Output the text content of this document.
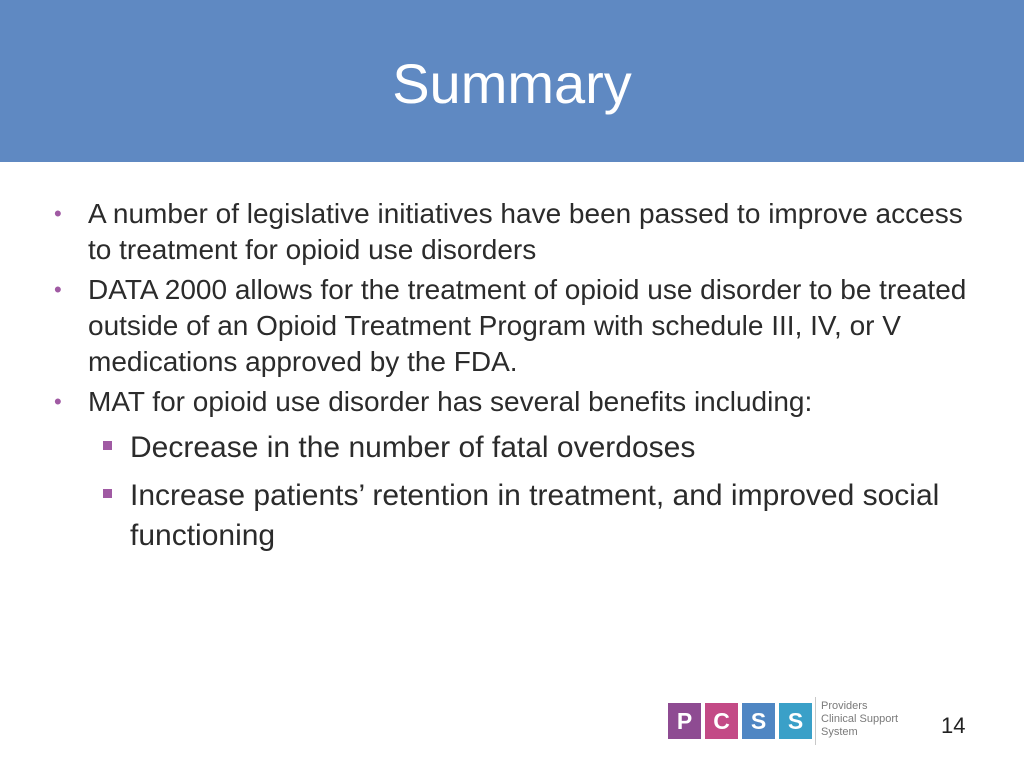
Summary
• A number of legislative initiatives have been passed to improve access to treatment for opioid use disorders
• DATA 2000 allows for the treatment of opioid use disorder to be treated outside of an Opioid Treatment Program with schedule III, IV, or V medications approved by the FDA.
• MAT for opioid use disorder has several benefits including:
Decrease in the number of fatal overdoses
Increase patients’ retention in treatment, and improved social functioning
P C S S
Providers
Clinical Support
System	14
